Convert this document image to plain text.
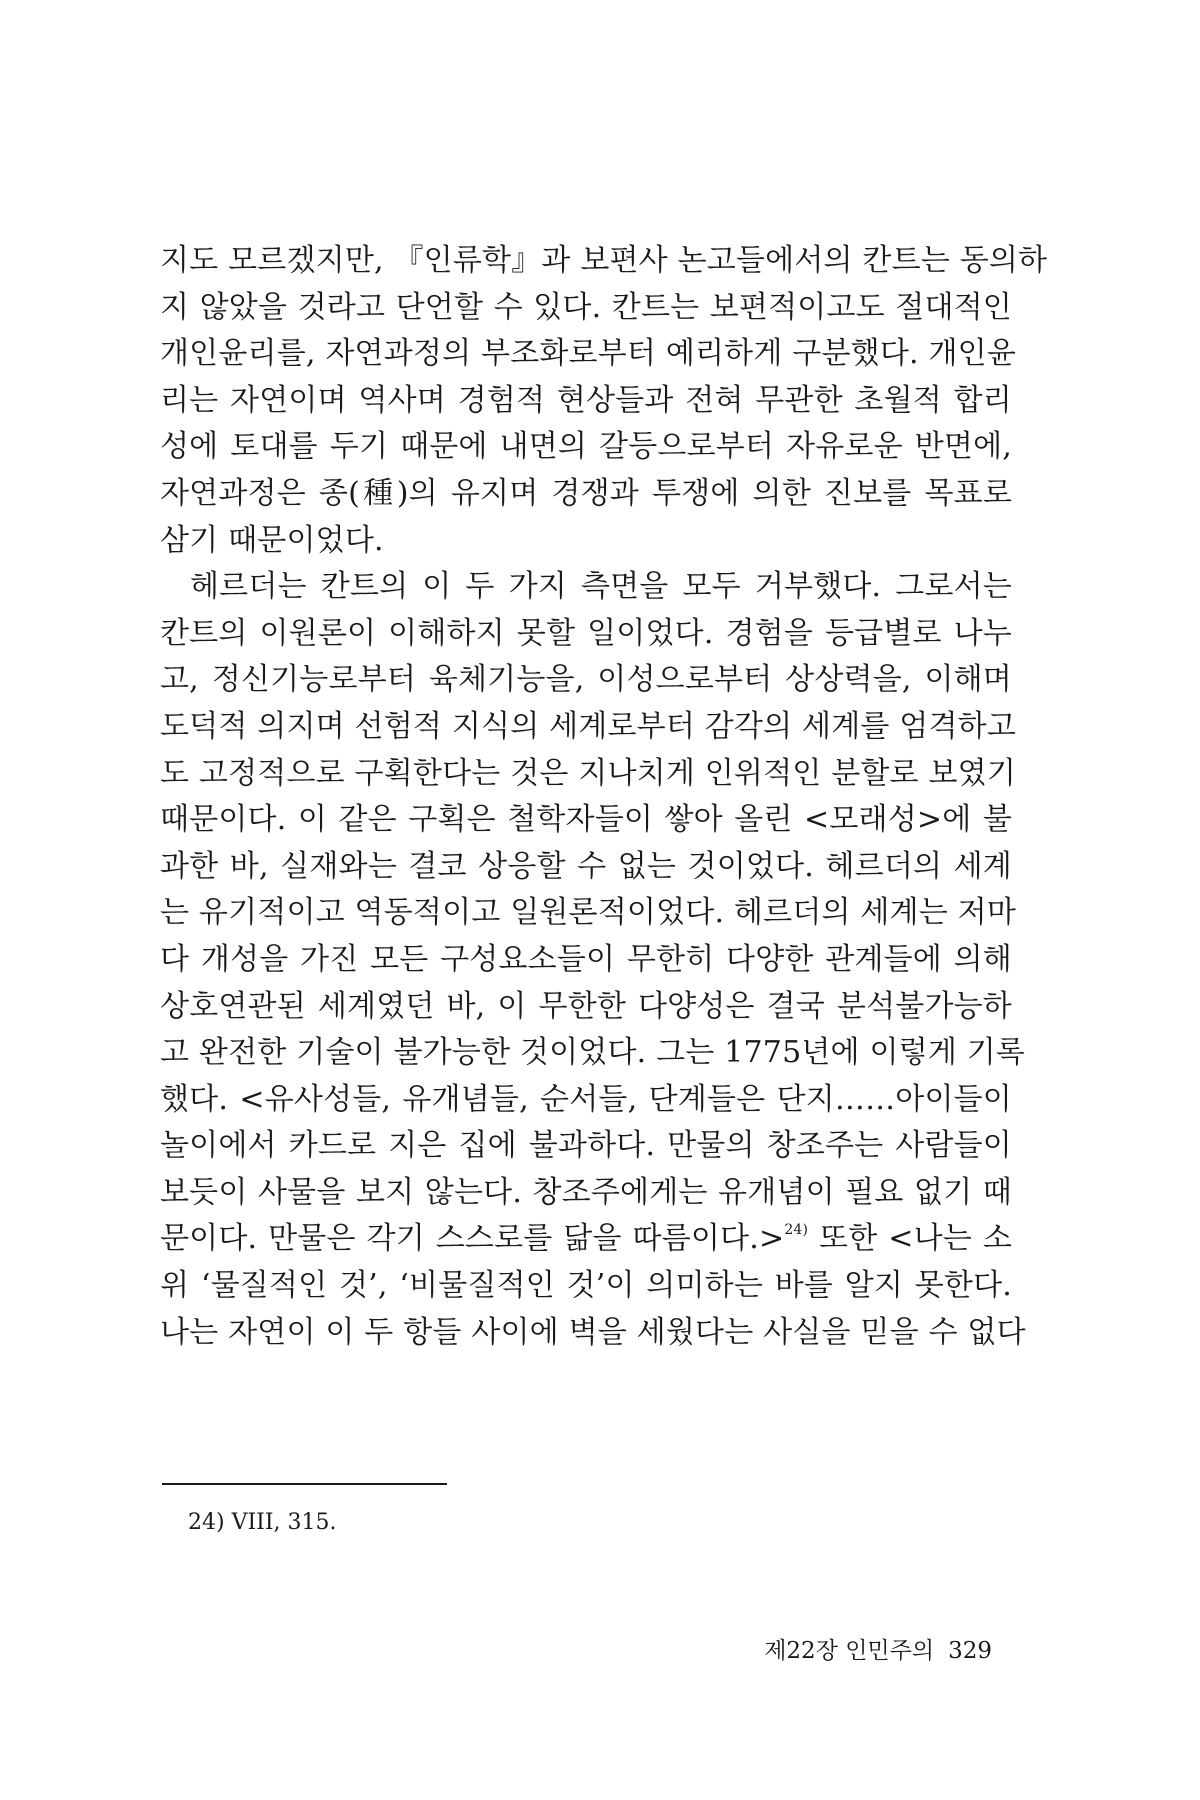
지도 모르겠지만, 『인류학』과 보편사 논고들에서의 칸트는 동의하
지 않았을 것라고 단언할 수 있다. 칸트는 보편적이고도 절대적인
개인윤리를, 자연과정의 부조화로부터 예리하게 구분했다. 개인윤
리는 자연이며 역사며 경험적 현상들과 전혀 무관한 초월적 합리
성에 토대를 두기 때문에 내면의 갈등으로부터 자유로운 반면에,
자연과정은 종(種)의 유지며 경쟁과 투쟁에 의한 진보를 목표로
삼기 때문이었다.
헤르더는 칸트의 이 두 가지 측면을 모두 거부했다. 그로서는
칸트의 이원론이 이해하지 못할 일이었다. 경험을 등급별로 나누
고, 정신기능로부터 육체기능을, 이성으로부터 상상력을, 이해며
도덕적 의지며 선험적 지식의 세계로부터 감각의 세계를 엄격하고
도 고정적으로 구획한다는 것은 지나치게 인위적인 분할로 보였기
때문이다. 이 같은 구획은 철학자들이 쌓아 올린 <모래성>에 불
과한 바, 실재와는 결코 상응할 수 없는 것이었다. 헤르더의 세계
는 유기적이고 역동적이고 일원론적이었다. 헤르더의 세계는 저마
다 개성을 가진 모든 구성요소들이 무한히 다양한 관계들에 의해
상호연관된 세계였던 바, 이 무한한 다양성은 결국 분석불가능하
고 완전한 기술이 불가능한 것이었다. 그는 1775년에 이렇게 기록
했다. <유사성들, 유개념들, 순서들, 단계들은 단지……아이들이
놀이에서 카드로 지은 집에 불과하다. 만물의 창조주는 사람들이
보듯이 사물을 보지 않는다. 창조주에게는 유개념이 필요 없기 때
문이다. 만물은 각기 스스로를 닮을 따름이다.>$^{24)}$ 또한 <나는 소
위 ‘물질적인 것’, ‘비물질적인 것’이 의미하는 바를 알지 못한다.
나는 자연이 이 두 항들 사이에 벽을 세웠다는 사실을 믿을 수 없다
24) VIII, 315.
제22장 인민주의 329
